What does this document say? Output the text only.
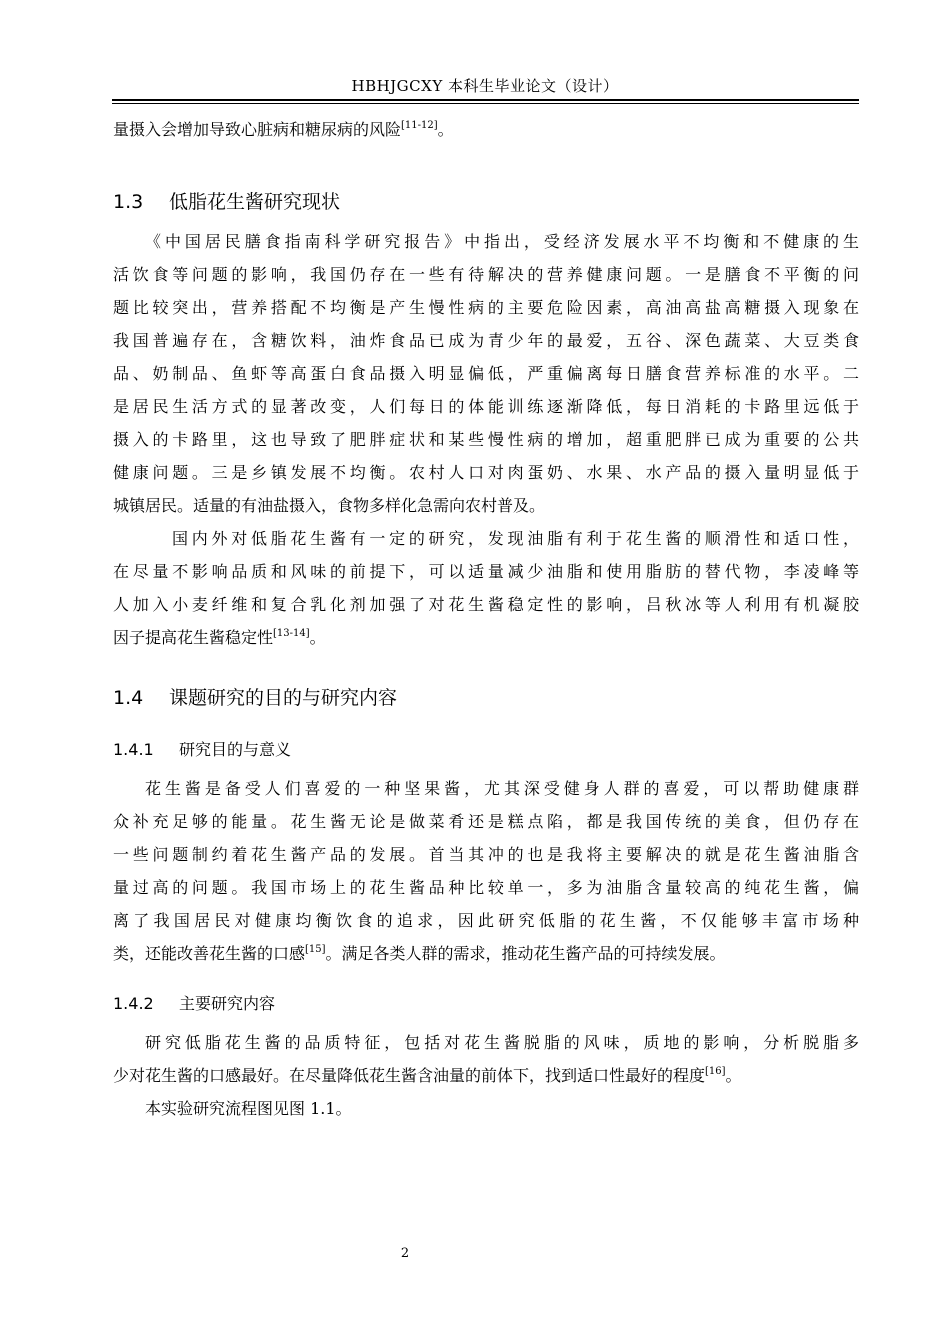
HBHJGCXY 本科生毕业论文（设计）
量摄入会增加导致心脏病和糖尿病的风险[11-12]。
1.3 低脂花生酱研究现状
《中国居民膳食指南科学研究报告》中指出，受经济发展水平不均衡和不健康的生
活饮食等问题的影响，我国仍存在一些有待解决的营养健康问题。一是膳食不平衡的问
题比较突出，营养搭配不均衡是产生慢性病的主要危险因素，高油高盐高糖摄入现象在
我国普遍存在，含糖饮料，油炸食品已成为青少年的最爱，五谷、深色蔬菜、大豆类食
品、奶制品、鱼虾等高蛋白食品摄入明显偏低，严重偏离每日膳食营养标准的水平。二
是居民生活方式的显著改变，人们每日的体能训练逐渐降低，每日消耗的卡路里远低于
摄入的卡路里，这也导致了肥胖症状和某些慢性病的增加，超重肥胖已成为重要的公共
健康问题。三是乡镇发展不均衡。农村人口对肉蛋奶、水果、水产品的摄入量明显低于
城镇居民。适量的有油盐摄入，食物多样化急需向农村普及。
国内外对低脂花生酱有一定的研究，发现油脂有利于花生酱的顺滑性和适口性，
在尽量不影响品质和风味的前提下，可以适量减少油脂和使用脂肪的替代物，李凌峰等
人加入小麦纤维和复合乳化剂加强了对花生酱稳定性的影响，吕秋冰等人利用有机凝胶
因子提高花生酱稳定性[13-14]。
1.4 课题研究的目的与研究内容
1.4.1 研究目的与意义
花生酱是备受人们喜爱的一种坚果酱，尤其深受健身人群的喜爱，可以帮助健康群
众补充足够的能量。花生酱无论是做菜肴还是糕点陷，都是我国传统的美食，但仍存在
一些问题制约着花生酱产品的发展。首当其冲的也是我将主要解决的就是花生酱油脂含
量过高的问题。我国市场上的花生酱品种比较单一，多为油脂含量较高的纯花生酱，偏
离了我国居民对健康均衡饮食的追求，因此研究低脂的花生酱，不仅能够丰富市场种
类，还能改善花生酱的口感[15]。满足各类人群的需求，推动花生酱产品的可持续发展。
1.4.2 主要研究内容
研究低脂花生酱的品质特征，包括对花生酱脱脂的风味，质地的影响，分析脱脂多
少对花生酱的口感最好。在尽量降低花生酱含油量的前体下，找到适口性最好的程度[16]。
本实验研究流程图见图 1.1。
2
